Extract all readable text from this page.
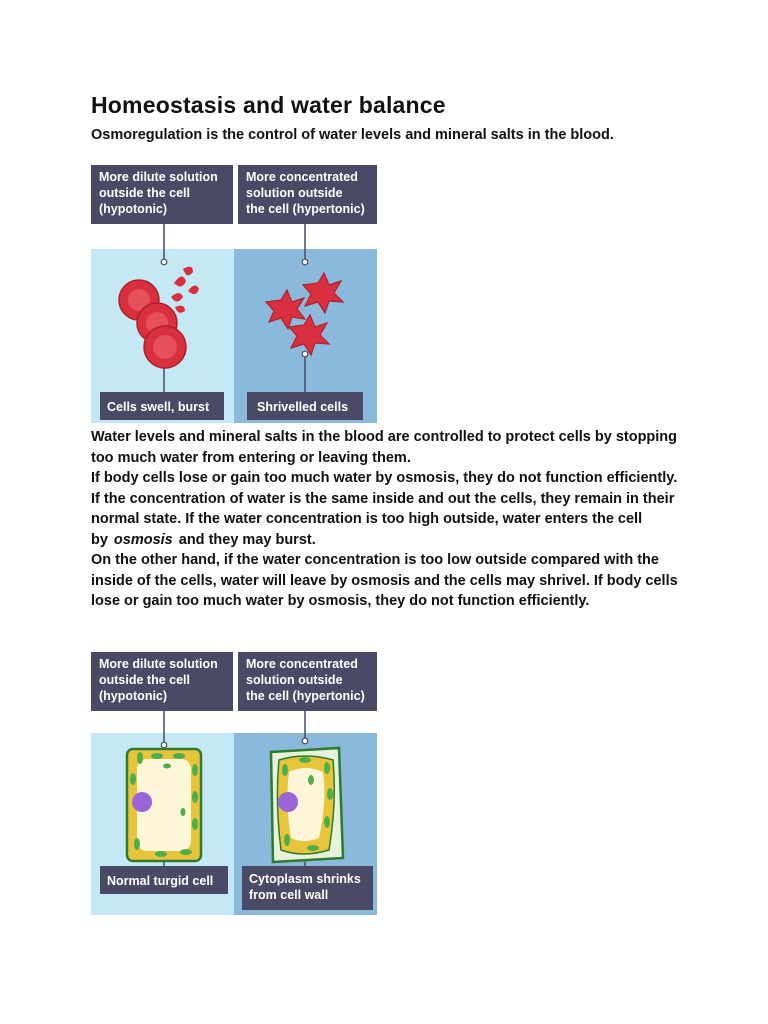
Homeostasis and water balance

Osmoregulation is the control of water levels and mineral salts in the blood.

More dilute solution
outside the cell
(hypotonic)
More concentrated
solution outside
the cell (hypertonic)
Cells swell, burst	Shrivelled cells
Water levels and mineral salts in the blood are controlled to protect cells by stopping too much water from entering or leaving them.
If body cells lose or gain too much water by osmosis, they do not function efficiently.
If the concentration of water is the same inside and out the cells, they remain in their normal state. If the water concentration is too high outside, water enters the cell by osmosis and they may burst.
On the other hand, if the water concentration is too low outside compared with the inside of the cells, water will leave by osmosis and the cells may shrivel. If body cells lose or gain too much water by osmosis, they do not function efficiently.
More dilute solution
outside the cell
(hypotonic)
More concentrated
solution outside
the cell (hypertonic)
Normal turgid cell	Cytoplasm shrinks
from cell wall
